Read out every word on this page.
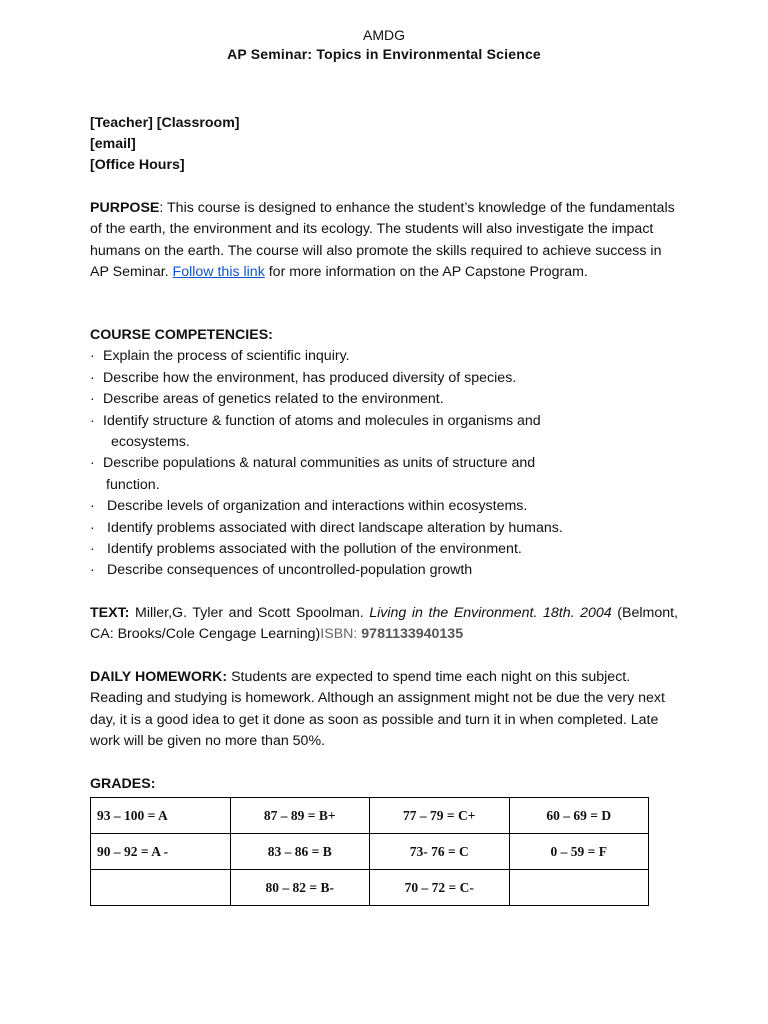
AMDG
AP Seminar: Topics in Environmental Science
[Teacher] [Classroom]
[email]
[Office Hours]
PURPOSE: This course is designed to enhance the student’s knowledge of the fundamentals of the earth, the environment and its ecology. The students will also investigate the impact humans on the earth. The course will also promote the skills required to achieve success in AP Seminar. Follow this link for more information on the AP Capstone Program.
COURSE COMPETENCIES:
· Explain the process of scientific inquiry.
· Describe how the environment, has produced diversity of species.
· Describe areas of genetics related to the environment.
· Identify structure & function of atoms and molecules in organisms and
ecosystems.
· Describe populations & natural communities as units of structure and
function.
· Describe levels of organization and interactions within ecosystems.
· Identify problems associated with direct landscape alteration by humans.
· Identify problems associated with the pollution of the environment.
· Describe consequences of uncontrolled-population growth
TEXT: Miller,G. Tyler and Scott Spoolman. Living in the Environment. 18th. 2004 (Belmont, CA: Brooks/Cole Cengage Learning)ISBN: 9781133940135
DAILY HOMEWORK: Students are expected to spend time each night on this subject. Reading and studying is homework. Although an assignment might not be due the very next day, it is a good idea to get it done as soon as possible and turn it in when completed. Late work will be given no more than 50%.
GRADES:
93 – 100 = A	87 – 89 = B+	77 – 79 = C+	60 – 69 = D
90 – 92 = A -	83 – 86 = B	73- 76 = C	0 – 59 = F
	80 – 82 = B-	70 – 72 = C-	
